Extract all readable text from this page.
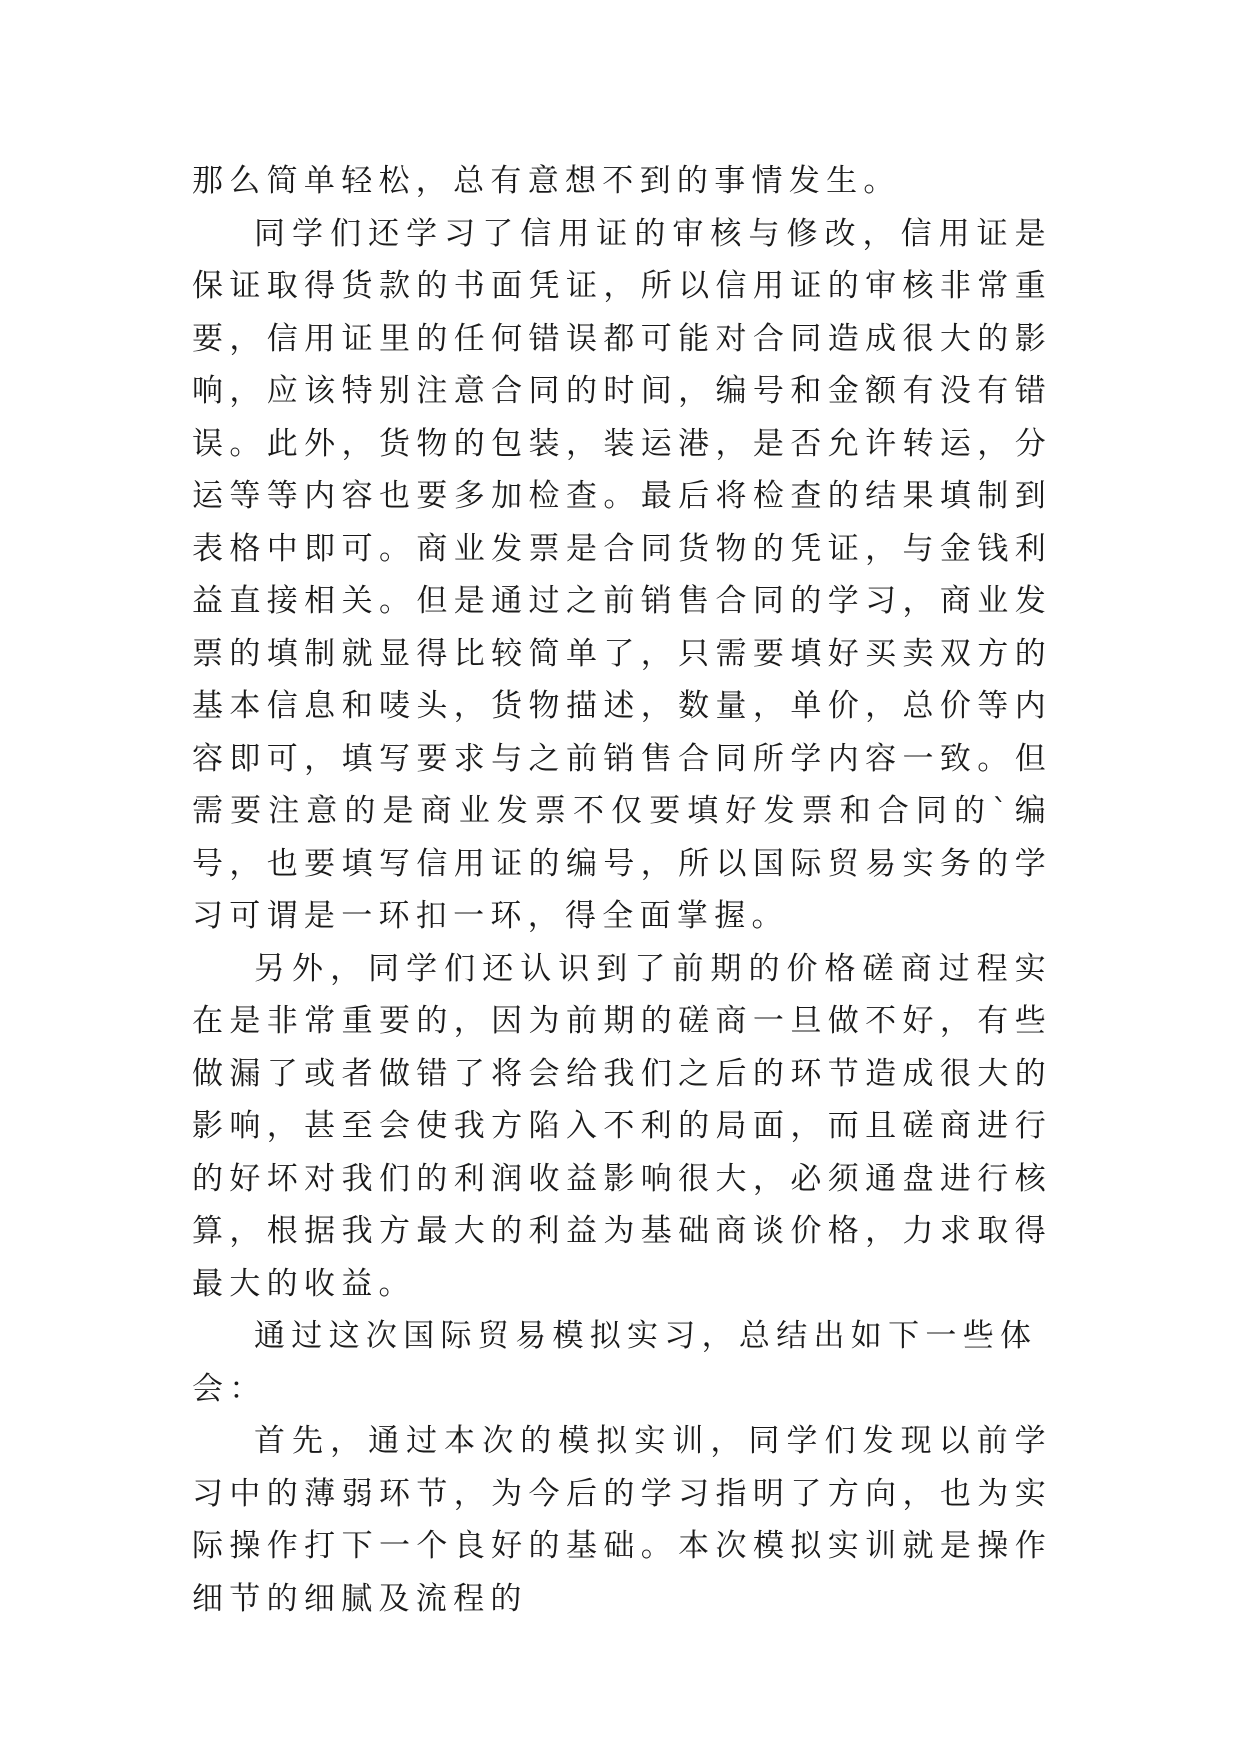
那么简单轻松，总有意想不到的事情发生。

同学们还学习了信用证的审核与修改，信用证是保证取得货款的书面凭证，所以信用证的审核非常重要，信用证里的任何错误都可能对合同造成很大的影响，应该特别注意合同的时间，编号和金额有没有错误。此外，货物的包装，装运港，是否允许转运，分运等等内容也要多加检查。最后将检查的结果填制到表格中即可。商业发票是合同货物的凭证，与金钱利益直接相关。但是通过之前销售合同的学习，商业发票的填制就显得比较简单了，只需要填好买卖双方的基本信息和唛头，货物描述，数量，单价，总价等内容即可，填写要求与之前销售合同所学内容一致。但需要注意的是商业发票不仅要填好发票和合同的`编号，也要填写信用证的编号，所以国际贸易实务的学习可谓是一环扣一环，得全面掌握。

另外，同学们还认识到了前期的价格磋商过程实在是非常重要的，因为前期的磋商一旦做不好，有些做漏了或者做错了将会给我们之后的环节造成很大的影响，甚至会使我方陷入不利的局面，而且磋商进行的好坏对我们的利润收益影响很大，必须通盘进行核算，根据我方最大的利益为基础商谈价格，力求取得最大的收益。

通过这次国际贸易模拟实习，总结出如下一些体会：

首先，通过本次的模拟实训，同学们发现以前学习中的薄弱环节，为今后的学习指明了方向，也为实际操作打下一个良好的基础。本次模拟实训就是操作细节的细腻及流程的
